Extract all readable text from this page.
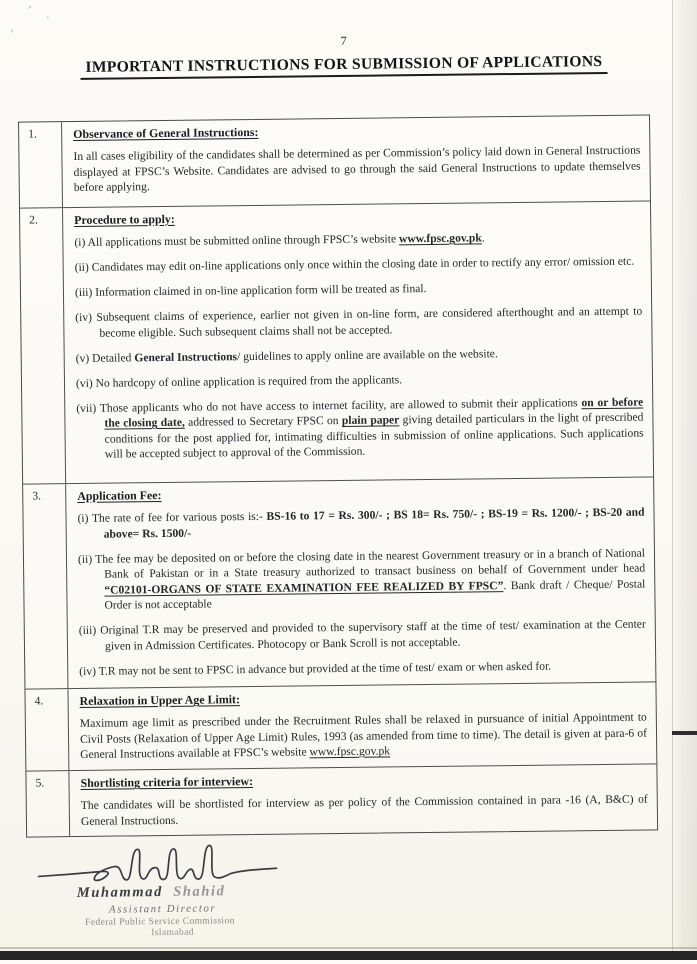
’
‚
·
7
IMPORTANT INSTRUCTIONS FOR SUBMISSION OF APPLICATIONS
1.	Observance of General Instructions:

In all cases eligibility of the candidates shall be determined as per Commission’s policy laid down in General Instructions displayed at FPSC’s Website. Candidates are advised to go through the said General Instructions to update themselves before applying.

2.	Procedure to apply:

(i) All applications must be submitted online through FPSC’s website www.fpsc.gov.pk.

(ii) Candidates may edit on-line applications only once within the closing date in order to rectify any error/ omission etc.

(iii) Information claimed in on-line application form will be treated as final.

(iv) Subsequent claims of experience, earlier not given in on-line form, are considered afterthought and an attempt to become eligible. Such subsequent claims shall not be accepted.

(v) Detailed General Instructions/ guidelines to apply online are available on the website.

(vi) No hardcopy of online application is required from the applicants.

(vii) Those applicants who do not have access to internet facility, are allowed to submit their applications on or before the closing date, addressed to Secretary FPSC on plain paper giving detailed particulars in the light of prescribed conditions for the post applied for, intimating difficulties in submission of online applications. Such applications will be accepted subject to approval of the Commission.

3.	Application Fee:

(i) The rate of fee for various posts is:- BS-16 to 17 = Rs. 300/- ; BS 18= Rs. 750/- ; BS-19 = Rs. 1200/- ; BS-20 and above= Rs. 1500/-

(ii) The fee may be deposited on or before the closing date in the nearest Government treasury or in a branch of National Bank of Pakistan or in a State treasury authorized to transact business on behalf of Government under head “C02101-ORGANS OF STATE EXAMINATION FEE REALIZED BY FPSC”. Bank draft / Cheque/ Postal Order is not acceptable

(iii) Original T.R may be preserved and provided to the supervisory staff at the time of test/ examination at the Center given in Admission Certificates. Photocopy or Bank Scroll is not acceptable.

(iv) T.R may not be sent to FPSC in advance but provided at the time of test/ exam or when asked for.

4.	Relaxation in Upper Age Limit:

Maximum age limit as prescribed under the Recruitment Rules shall be relaxed in pursuance of initial Appointment to Civil Posts (Relaxation of Upper Age Limit) Rules, 1993 (as amended from time to time). The detail is given at para-6 of General Instructions available at FPSC’s website www.fpsc.gov.pk

5.	Shortlisting criteria for interview:

The candidates will be shortlisted for interview as per policy of the Commission contained in para -16 (A, B&C) of General Instructions.

Muhammad Shahid
Assistant Director
Federal Public Service Commission
Islamabad
